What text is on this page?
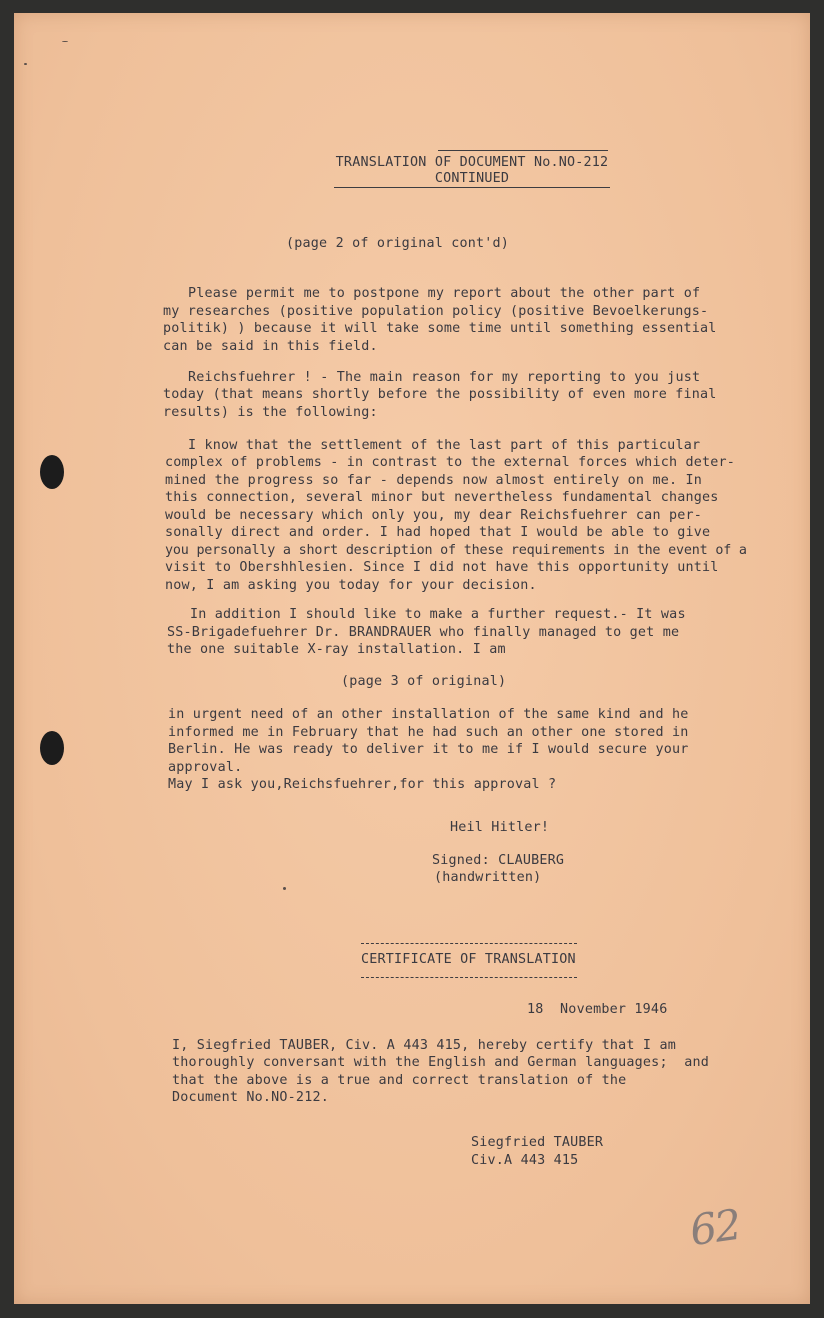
TRANSLATION OF DOCUMENT No.NO-212
CONTINUED
(page 2 of original cont'd)
Please permit me to postpone my report about the other part of
my researches (positive population policy (positive Bevoelkerungs-
politik) ) because it will take some time until something essential
can be said in this field.
Reichsfuehrer ! - The main reason for my reporting to you just
today (that means shortly before the possibility of even more final
results) is the following:
I know that the settlement of the last part of this particular
complex of problems - in contrast to the external forces which deter-
mined the progress so far - depends now almost entirely on me. In
this connection, several minor but nevertheless fundamental changes
would be necessary which only you, my dear Reichsfuehrer can per-
sonally direct and order. I had hoped that I would be able to give
you personally a short description of these requirements in the event of a
visit to Obershhlesien. Since I did not have this opportunity until
now, I am asking you today for your decision.
In addition I should like to make a further request.- It was
SS-Brigadefuehrer Dr. BRANDRAUER who finally managed to get me
the one suitable X-ray installation. I am
(page 3 of original)
in urgent need of an other installation of the same kind and he
informed me in February that he had such an other one stored in
Berlin. He was ready to deliver it to me if I would secure your
approval.
May I ask you,Reichsfuehrer,for this approval ?
Heil Hitler!
Signed: CLAUBERG
(handwritten)
CERTIFICATE OF TRANSLATION
18  November 1946
I, Siegfried TAUBER, Civ. A 443 415, hereby certify that I am
thoroughly conversant with the English and German languages;  and
that the above is a true and correct translation of the
Document No.NO-212.
Siegfried TAUBER
Civ.A 443 415
62
